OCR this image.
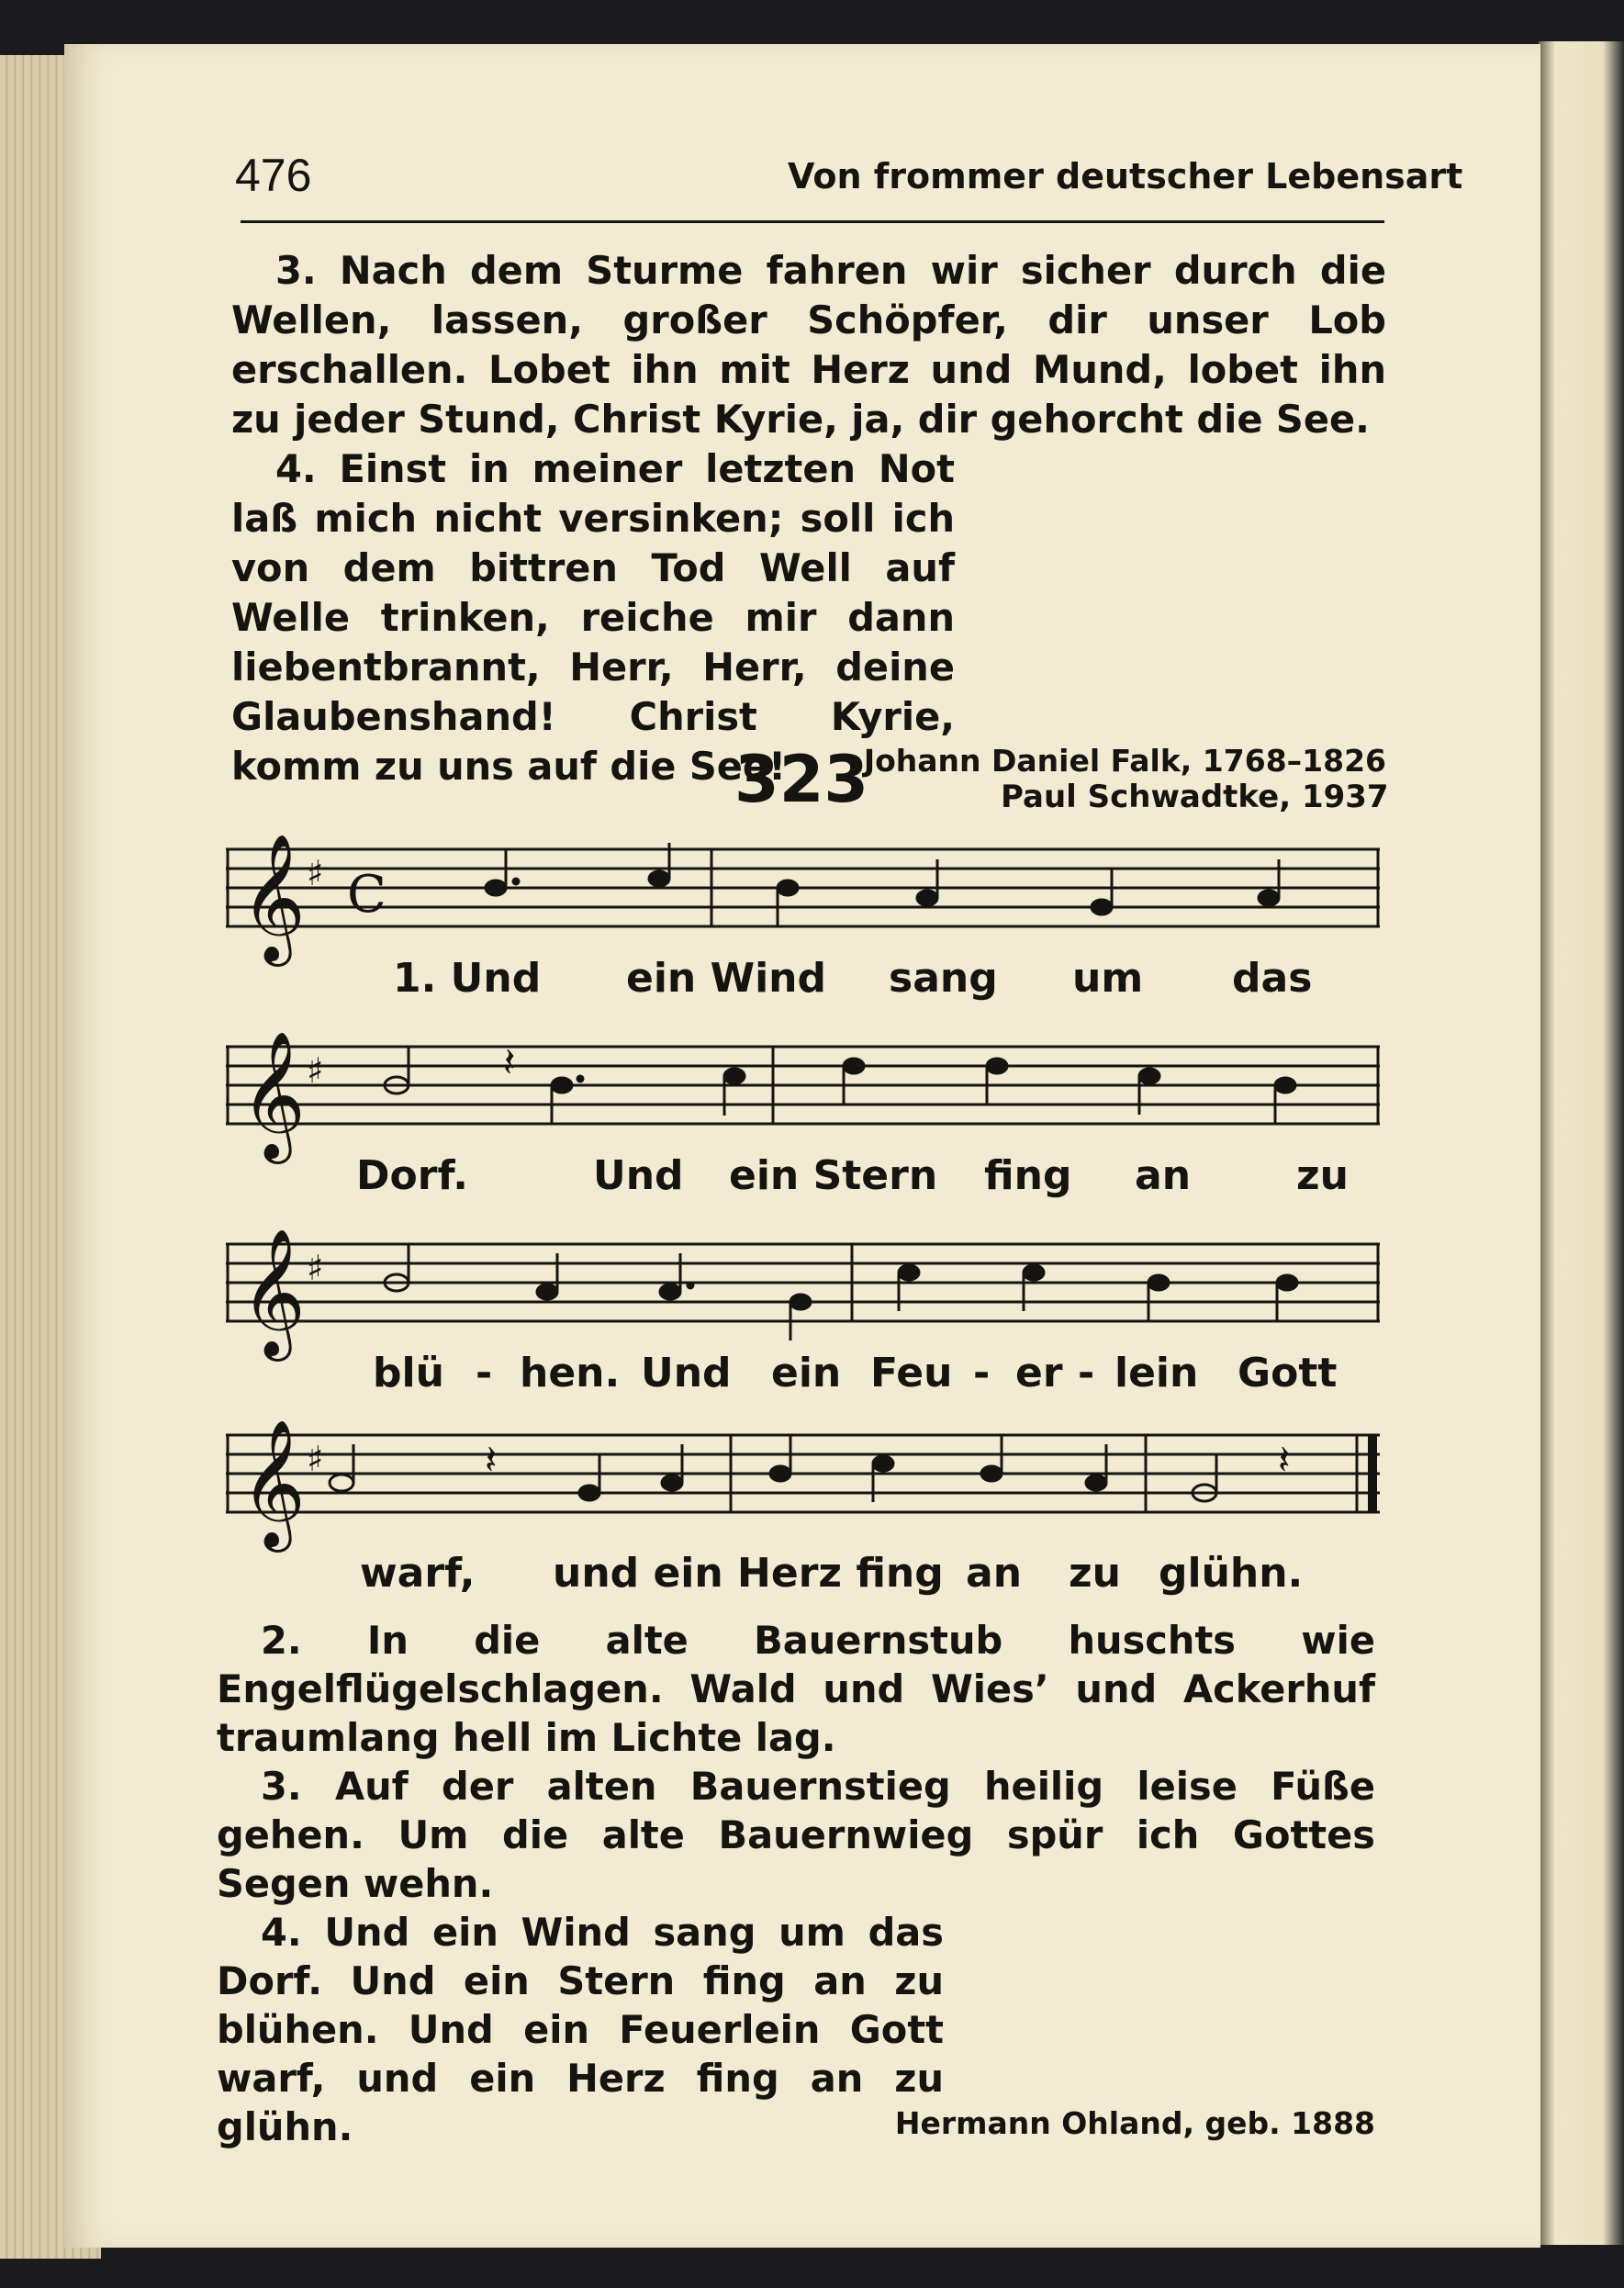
476	Von frommer deutscher Lebensart
3. Nach dem Sturme fahren wir sicher durch die Wellen, lassen, großer Schöpfer, dir unser Lob erschallen. Lobet ihn mit Herz und Mund, lobet ihn zu jeder Stund, Christ Kyrie, ja, dir gehorcht die See.
4. Einst in meiner letzten Not laß mich nicht versinken; soll ich von dem bittren Tod Well auf Welle trinken, reiche mir dann liebentbrannt, Herr, Herr, deine Glaubenshand! Christ Kyrie, komm zu uns auf die See!	Johann Daniel Falk, 1768–1826
323	Paul Schwadtke, 1937
𝄞 ♯ C
𝄞 ♯	𝄽
𝄞 ♯
𝄞 ♯	𝄽	𝄽
1. Und ein Wind sang um das
Dorf.	Und ein Stern fing an	zu
blü - hen. Und ein Feu - er - lein Gott
warf, und ein Herz fing an zu glühn.
2. In die alte Bauernstub huschts wie Engelflügelschlagen. Wald und Wies’ und Ackerhuf traumlang hell im Lichte lag.
3. Auf der alten Bauernstieg heilig leise Füße gehen. Um die alte Bauernwieg spür ich Gottes Segen wehn.
4. Und ein Wind sang um das Dorf. Und ein Stern fing an zu blühen. Und ein Feuerlein Gott warf, und ein Herz fing an zu glühn.	Hermann Ohland, geb. 1888
